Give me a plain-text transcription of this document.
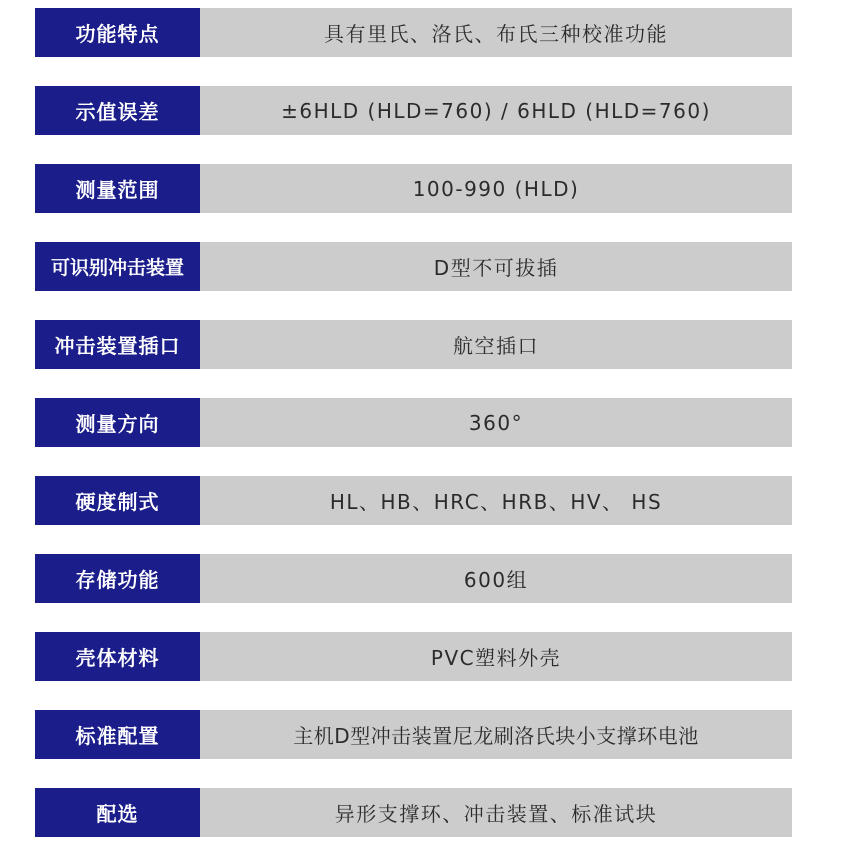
功能特点	具有里氏、洛氏、布氏三种校准功能
示值误差	±6HLD (HLD=760) / 6HLD (HLD=760)
测量范围	100-990 (HLD)
可识别冲击装置	D型不可拔插
冲击装置插口	航空插口
测量方向	360°
硬度制式	HL、HB、HRC、HRB、HV、 HS
存储功能	600组
壳体材料	PVC塑料外壳
标准配置	主机D型冲击装置尼龙刷洛氏块小支撑环电池
配选	异形支撑环、冲击装置、标准试块
